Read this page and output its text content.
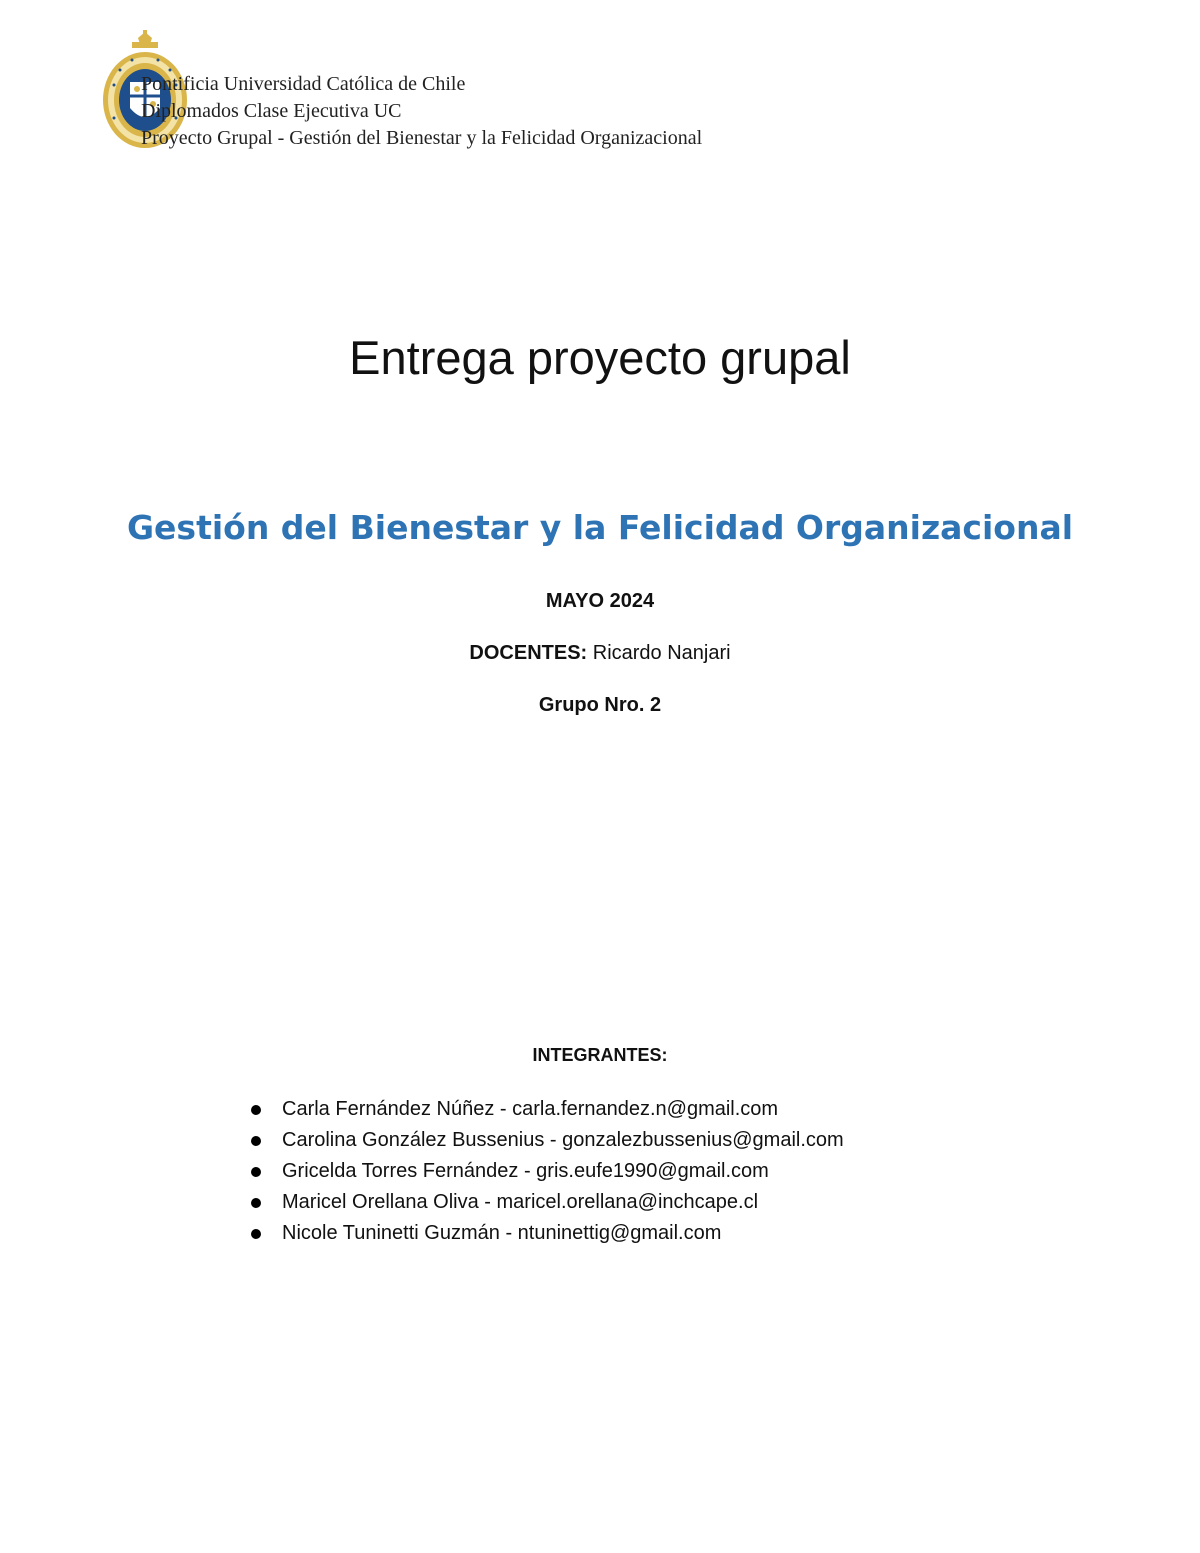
Pontificia Universidad Católica de Chile
Diplomados Clase Ejecutiva UC
Proyecto Grupal - Gestión del Bienestar y la Felicidad Organizacional
Entrega proyecto grupal
Gestión del Bienestar y la Felicidad Organizacional
MAYO 2024
DOCENTES: Ricardo Nanjari
Grupo Nro. 2
INTEGRANTES:
Carla Fernández Núñez - carla.fernandez.n@gmail.com
Carolina González Bussenius - gonzalezbussenius@gmail.com
Gricelda Torres Fernández - gris.eufe1990@gmail.com
Maricel Orellana Oliva - maricel.orellana@inchcape.cl
Nicole Tuninetti Guzmán - ntuninettig@gmail.com
